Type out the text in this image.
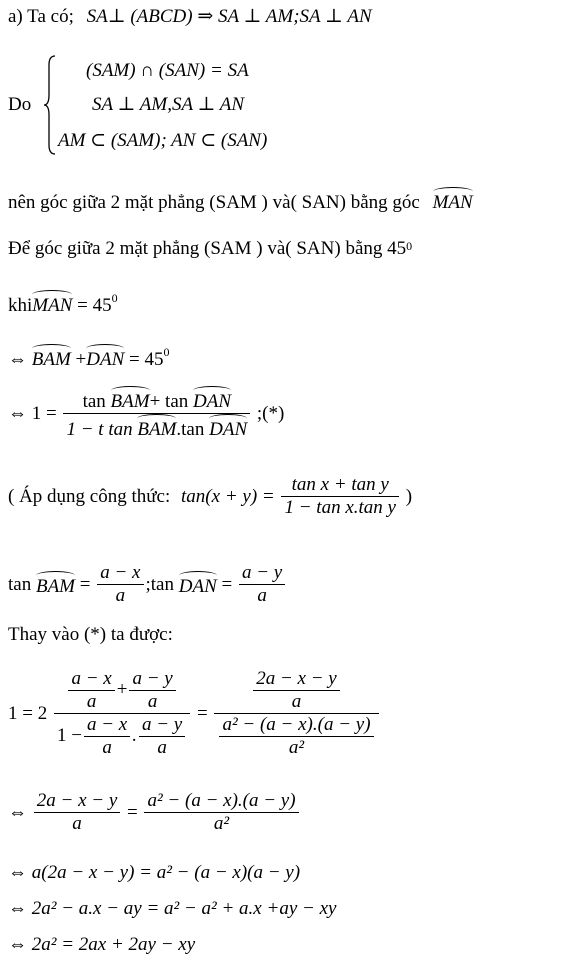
a) Ta có; SA⊥ (ABCD) ⇒ SA ⊥ AM;SA ⊥ AN
Do
(SAM) ∩ (SAN) = SA
SA ⊥ AM,SA ⊥ AN
AM ⊂ (SAM); AN ⊂ (SAN)
nên góc giữa 2 mặt phẳng (SAM ) và( SAN) bằng góc MAN
Để góc giữa 2 mặt phẳng (SAM ) và( SAN) bằng $45^0$
khiMAN = $45^0$
⇔ BAM $+DAN = 45^0$
⇔ $1 = \frac{\text{tan BAM+ tan DAN}}{\text{1 − t tan BAM.tan DAN}}$ ;(*)
( Áp dụng công thức: $\tan(x + y) = \frac{\text{tan x + tan y}}{\text{1 − tan x.tan y}}$ )
tan BAM = $\frac{a - x}{a}$ ;tan DAN = $\frac{a - y}{a}$
Thay vào (*) ta được:
$1 = 2 \frac{\frac{a - x}{a} + \frac{a - y}{a}}{1 - \frac{a - x}{a} . \frac{a - y}{a}} = \frac{\frac{2a - x - y}{a}}{\frac{\text{a² − (a − x).(a − y)}}{\text{a²}}}$
⇔ $\frac{2a - x - y}{a} = \frac{\text{a² − (a − x).(a − y)}}{\text{a²}}$
⇔ a(2a − x − y) = a² − (a − x)(a − y)
⇔ 2a² − a.x − ay = a² − a² + a.x +ay − xy
⇔ 2a² = 2ax + 2ay − xy
